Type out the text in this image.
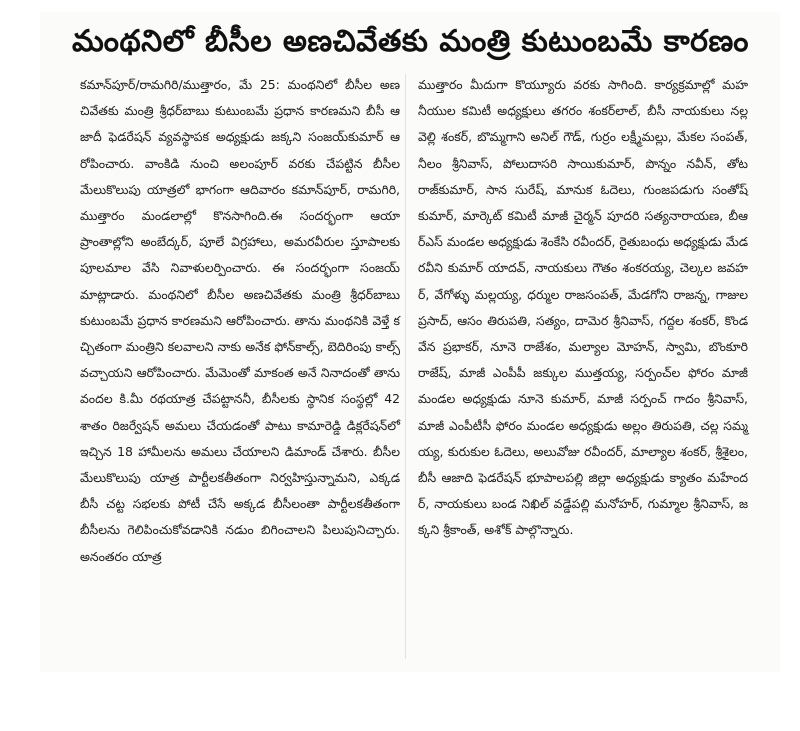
మంథనిలో బీసీల అణచివేతకు మంత్రి కుటుంబమే కారణం
కమాన్‌పూర్/రామగిరి/ముత్తారం, మే 25: మంథనిలో బీసీల అణచివేతకు మంత్రి శ్రీధర్‌బాబు కుటుంబమే ప్రధాన కారణమని బీసీ ఆజాదీ ఫెడరేషన్ వ్యవస్థాపక అధ్యక్షుడు జక్కని సంజయ్‌కుమార్ ఆరోపించారు. వాంకిడి నుంచి అలంపూర్ వరకు చేపట్టిన బీసీల మేలుకొలుపు యాత్రలో భాగంగా ఆదివారం కమాన్‌పూర్, రామగిరి, ముత్తారం మండలాల్లో కొనసాగింది.ఈ సందర్భంగా ఆయా ప్రాంతాల్లోని అంబేద్కర్, పూలే విగ్రహాలు, అమరవీరుల స్తూపాలకు పూలమాల వేసి నివాళులర్పించారు. ఈ సందర్భంగా సంజయ్ మాట్లాడారు. మంథనిలో బీసీల అణచివేతకు మంత్రి శ్రీధర్‌బాబు కుటుంబమే ప్రధాన కారణమని ఆరోపించారు. తాను మంథనికి వెళ్తే కచ్చితంగా మంత్రిని కలవాలని నాకు అనేక ఫోన్‌కాల్స్, బెదిరింపు కాల్స్ వచ్చాయని ఆరోపించారు. మేమెంతో మాకంత అనే నినాదంతో తాను వందల కి.మీ రథయాత్ర చేపట్టాననీ, బీసీలకు స్థానిక సంస్థల్లో 42 శాతం రిజర్వేషన్ అమలు చేయడంతో పాటు కామారెడ్డి డిక్లరేషన్‌లో ఇచ్చిన 18 హామీలను అమలు చేయాలని డిమాండ్ చేశారు. బీసీల మేలుకొలుపు యాత్ర పార్టీలకతీతంగా నిర్వహిస్తున్నామని, ఎక్కడ బీసీ చట్ట సభలకు పోటీ చేసే అక్కడ బీసీలంతా పార్టీలకతీతంగా బీసీలను గెలిపించుకోవడానికి నడుం బిగించాలని పిలుపునిచ్చారు. అనంతరం యాత్ర
ముత్తారం మీదుగా కొయ్యూరు వరకు సాగింది. కార్యక్రమాల్లో మహనీయుల కమిటీ అధ్యక్షులు తగరం శంకర్‌లాల్, బీసీ నాయకులు నల్లవెల్లి శంకర్, బొమ్మగాని అనిల్ గౌడ్, గుర్రం లక్ష్మీమల్లు, మేకల సంపత్, నీలం శ్రీనివాస్, పోలుదాసరి సాయికుమార్, పొన్నం నవీన్, తోట రాజ్‌కుమార్, సాన సురేష్, మానుక ఓదెలు, గుంజపడుగు సంతోష్ కుమార్, మార్కెట్ కమిటీ మాజీ చైర్మన్ పూదరి సత్యనారాయణ, బీఆర్‌ఎస్ మండల అధ్యక్షుడు శెంకేసి రవీందర్, రైతుబంధు అధ్యక్షుడు మేడ రవీని కుమార్ యాదవ్, నాయకులు గౌతం శంకరయ్య, చెల్కల జవహర్, వేగోళ్ళు మల్లయ్య, ధర్ముల రాజసంపత్, మేడగోని రాజన్న, గాజుల ప్రసాద్, ఆసం తిరుపతి, సత్యం, దామెర శ్రీనివాస్, గద్దల శంకర్, కొండవేన ప్రభాకర్, నూనె రాజేశం, మల్యాల మోహన్, స్వామి, బొంకూరి రాజేష్, మాజీ ఎంపీపీ జక్కుల ముత్తయ్య, సర్పంచ్‌ల ఫోరం మాజీ మండల అధ్యక్షుడు నూనె కుమార్, మాజీ సర్పంచ్ గాదం శ్రీనివాస్, మాజీ ఎంపీటీసీ ఫోరం మండల అధ్యక్షుడు అల్లం తిరుపతి, చల్ల సమ్మయ్య, కురుకుల ఓదెలు, అలువోజు రవీందర్, మాల్యాల శంకర్, శ్రీశైలం, బీసీ ఆజాది ఫెడరేషన్ భూపాలపల్లి జిల్లా అధ్యక్షుడు క్యాతం మహేందర్, నాయకులు బండ నిఖిల్ వడ్డేపల్లి మనోహర్, గుమ్మాల శ్రీనివాస్, జక్కని శ్రీకాంత్, అశోక్ పాల్గొన్నారు.
